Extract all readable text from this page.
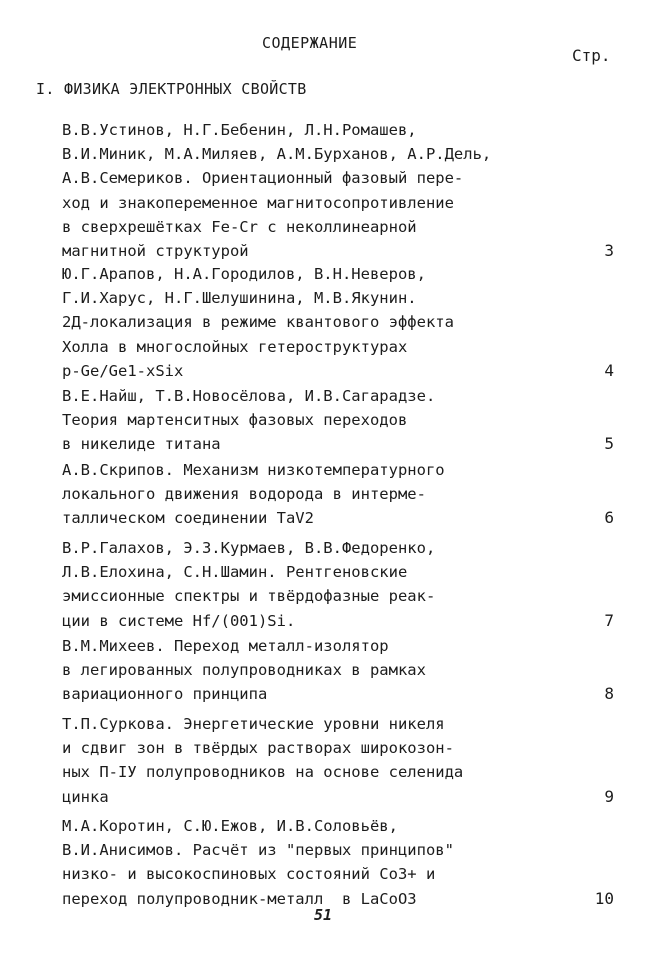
СОДЕРЖАНИЕ
Стр.
I. ФИЗИКА ЭЛЕКТРОННЫХ СВОЙСТВ
В.В.Устинов, Н.Г.Бебенин, Л.Н.Ромашев,
В.И.Миник, М.А.Миляев, А.М.Бурханов, А.Р.Дель,
А.В.Семериков. Ориентационный фазовый пере-
ход и знакопеременное магнитосопротивление
в сверхрешётках Fe-Cr с неколлинеарной
магнитной структурой	3
Ю.Г.Арапов, Н.А.Городилов, В.Н.Неверов,
Г.И.Харус, Н.Г.Шелушинина, М.В.Якунин.
2Д-локализация в режиме квантового эффекта
Холла в многослойных гетероструктурах
p-Ge/Ge1-xSix	4
В.Е.Найш, Т.В.Новосёлова, И.В.Сагарадзе.
Теория мартенситных фазовых переходов
в никелиде титана	5
А.В.Скрипов. Механизм низкотемпературного
локального движения водорода в интерме-
таллическом соединении TaV2	6
В.Р.Галахов, Э.З.Курмаев, В.В.Федоренко,
Л.В.Елохина, С.Н.Шамин. Рентгеновские
эмиссионные спектры и твёрдофазные реак-
ции в системе Hf/(001)Si.	7
В.М.Михеев. Переход металл-изолятор
в легированных полупроводниках в рамках
вариационного принципа	8
Т.П.Суркова. Энергетические уровни никеля
и сдвиг зон в твёрдых растворах широкозон-
ных П-IУ полупроводников на основе селенида
цинка	9
М.А.Коротин, С.Ю.Ежов, И.В.Соловьёв,
В.И.Анисимов. Расчёт из "первых принципов"
низко- и высокоспиновых состояний Co3+ и
переход полупроводник-металл  в LaCoO3	10
51
